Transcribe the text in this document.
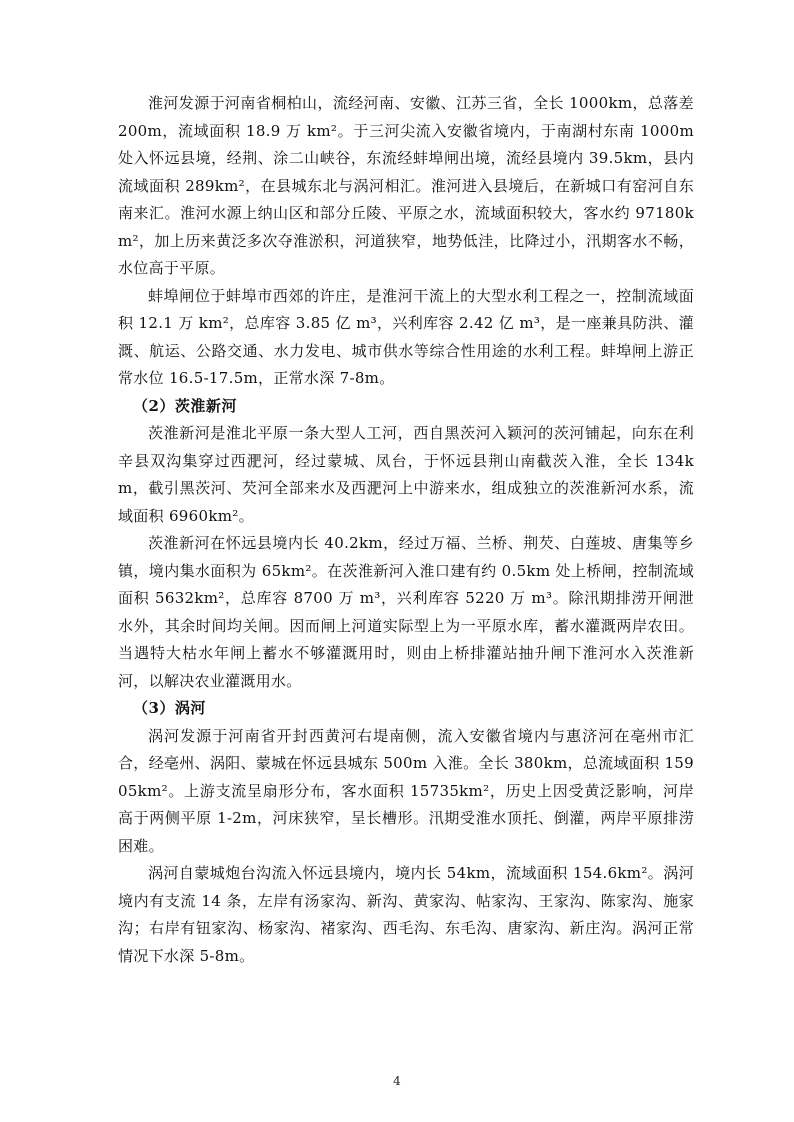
淮河发源于河南省桐柏山，流经河南、安徽、江苏三省，全长 1000km，总落差 200m，流域面积 18.9 万 km²。于三河尖流入安徽省境内，于南湖村东南 1000m 处入怀远县境，经荆、涂二山峡谷，东流经蚌埠闸出境，流经县境内 39.5km，县内流域面积 289km²，在县城东北与涡河相汇。淮河进入县境后，在新城口有窑河自东南来汇。淮河水源上纳山区和部分丘陵、平原之水，流域面积较大，客水约 97180km²，加上历来黄泛多次夺淮淤积，河道狭窄，地势低洼，比降过小，汛期客水不畅，水位高于平原。

蚌埠闸位于蚌埠市西郊的许庄，是淮河干流上的大型水利工程之一，控制流域面积 12.1 万 km²，总库容 3.85 亿 m³，兴利库容 2.42 亿 m³，是一座兼具防洪、灌溉、航运、公路交通、水力发电、城市供水等综合性用途的水利工程。蚌埠闸上游正常水位 16.5-17.5m，正常水深 7-8m。

（2）茨淮新河

茨淮新河是淮北平原一条大型人工河，西自黑茨河入颖河的茨河铺起，向东在利辛县双沟集穿过西淝河，经过蒙城、凤台，于怀远县荆山南截茨入淮，全长 134km，截引黑茨河、芡河全部来水及西淝河上中游来水，组成独立的茨淮新河水系，流域面积 6960km²。

茨淮新河在怀远县境内长 40.2km，经过万福、兰桥、荆芡、白莲坡、唐集等乡镇，境内集水面积为 65km²。在茨淮新河入淮口建有约 0.5km 处上桥闸，控制流域面积 5632km²，总库容 8700 万 m³，兴利库容 5220 万 m³。除汛期排涝开闸泄水外，其余时间均关闸。因而闸上河道实际型上为一平原水库，蓄水灌溉两岸农田。当遇特大枯水年闸上蓄水不够灌溉用时，则由上桥排灌站抽升闸下淮河水入茨淮新河，以解决农业灌溉用水。

（3）涡河

涡河发源于河南省开封西黄河右堤南侧，流入安徽省境内与惠济河在亳州市汇合，经亳州、涡阳、蒙城在怀远县城东 500m 入淮。全长 380km，总流域面积 15905km²。上游支流呈扇形分布，客水面积 15735km²，历史上因受黄泛影响，河岸高于两侧平原 1-2m，河床狭窄，呈长槽形。汛期受淮水顶托、倒灌，两岸平原排涝困难。

涡河自蒙城炮台沟流入怀远县境内，境内长 54km，流域面积 154.6km²。涡河境内有支流 14 条，左岸有汤家沟、新沟、黄家沟、帖家沟、王家沟、陈家沟、施家沟；右岸有钮家沟、杨家沟、褚家沟、西毛沟、东毛沟、唐家沟、新庄沟。涡河正常情况下水深 5-8m。

4
